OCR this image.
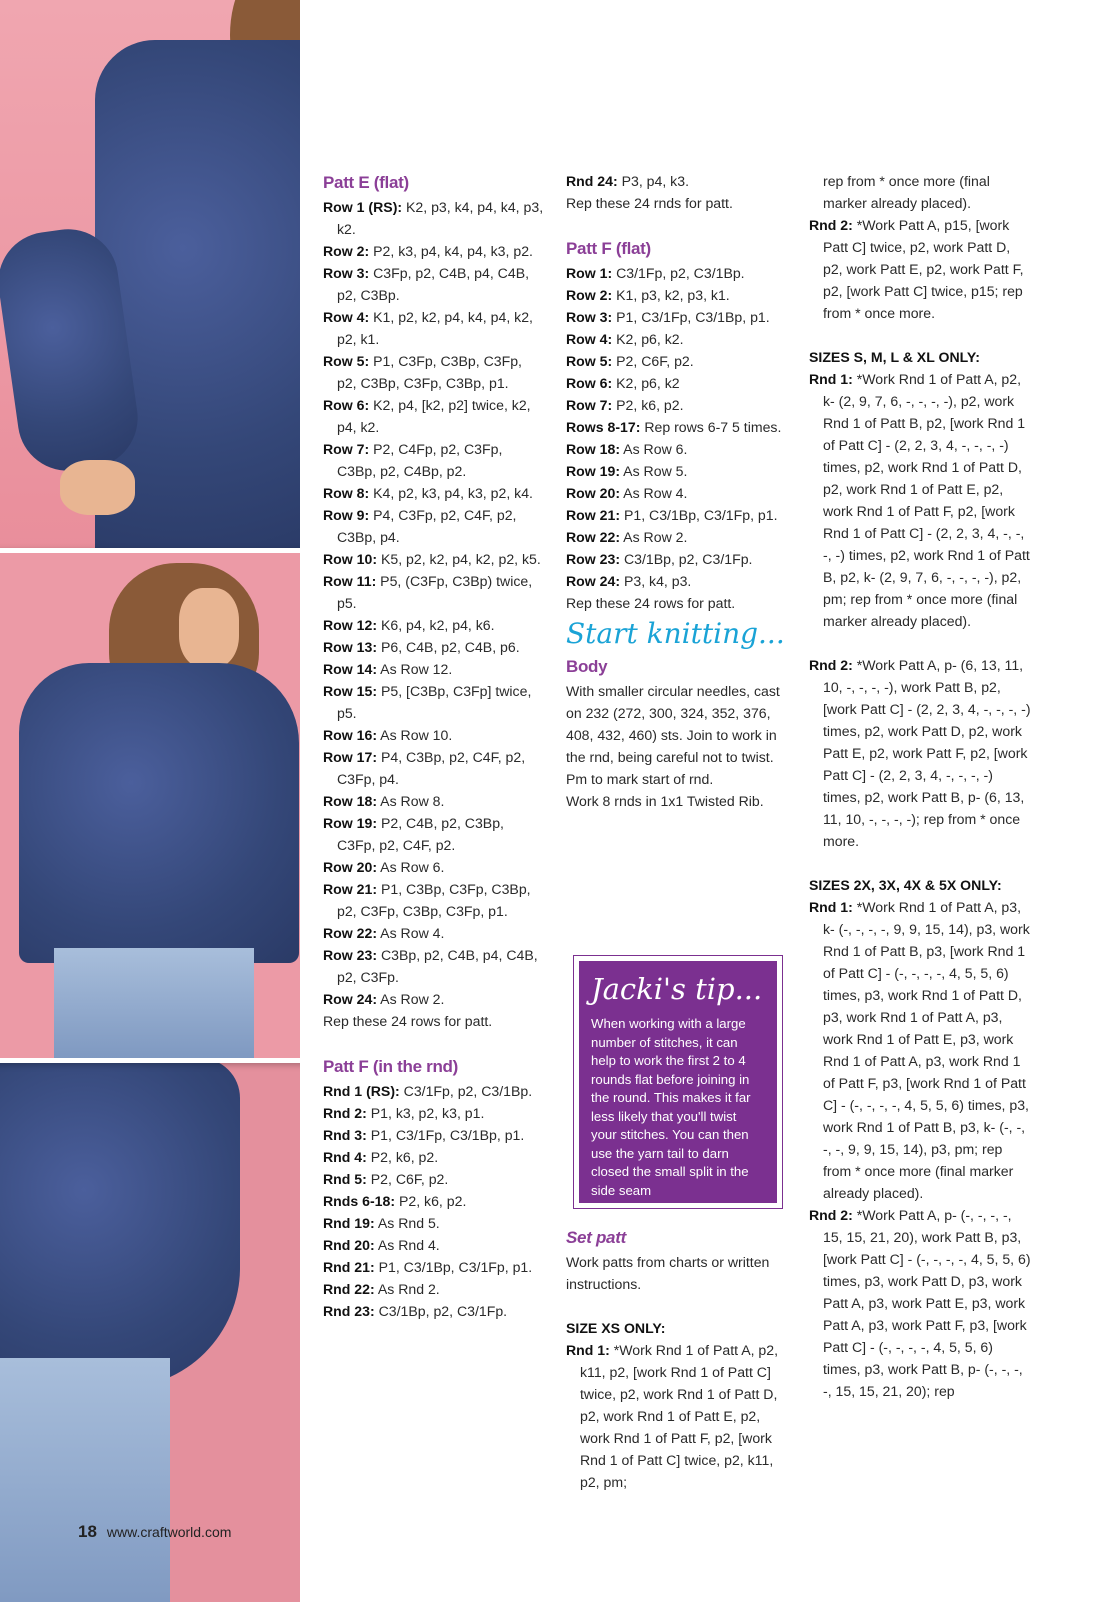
18 www.craftworld.com

Patt E (flat)

Row 1 (RS): K2, p3, k4, p4, k4, p3, k2.

Row 2: P2, k3, p4, k4, p4, k3, p2.

Row 3: C3Fp, p2, C4B, p4, C4B, p2, C3Bp.

Row 4: K1, p2, k2, p4, k4, p4, k2, p2, k1.

Row 5: P1, C3Fp, C3Bp, C3Fp, p2, C3Bp, C3Fp, C3Bp, p1.

Row 6: K2, p4, [k2, p2] twice, k2, p4, k2.

Row 7: P2, C4Fp, p2, C3Fp, C3Bp, p2, C4Bp, p2.

Row 8: K4, p2, k3, p4, k3, p2, k4.

Row 9: P4, C3Fp, p2, C4F, p2, C3Bp, p4.

Row 10: K5, p2, k2, p4, k2, p2, k5.

Row 11: P5, (C3Fp, C3Bp) twice, p5.

Row 12: K6, p4, k2, p4, k6.

Row 13: P6, C4B, p2, C4B, p6.

Row 14: As Row 12.

Row 15: P5, [C3Bp, C3Fp] twice, p5.

Row 16: As Row 10.

Row 17: P4, C3Bp, p2, C4F, p2, C3Fp, p4.

Row 18: As Row 8.

Row 19: P2, C4B, p2, C3Bp, C3Fp, p2, C4F, p2.

Row 20: As Row 6.

Row 21: P1, C3Bp, C3Fp, C3Bp, p2, C3Fp, C3Bp, C3Fp, p1.

Row 22: As Row 4.

Row 23: C3Bp, p2, C4B, p4, C4B, p2, C3Fp.

Row 24: As Row 2.

Rep these 24 rows for patt.

Patt F (in the rnd)

Rnd 1 (RS): C3/1Fp, p2, C3/1Bp.

Rnd 2: P1, k3, p2, k3, p1.

Rnd 3: P1, C3/1Fp, C3/1Bp, p1.

Rnd 4: P2, k6, p2.

Rnd 5: P2, C6F, p2.

Rnds 6-18: P2, k6, p2.

Rnd 19: As Rnd 5.

Rnd 20: As Rnd 4.

Rnd 21: P1, C3/1Bp, C3/1Fp, p1.

Rnd 22: As Rnd 2.

Rnd 23: C3/1Bp, p2, C3/1Fp.

Rnd 24: P3, p4, k3.

Rep these 24 rnds for patt.

Patt F (flat)

Row 1: C3/1Fp, p2, C3/1Bp.

Row 2: K1, p3, k2, p3, k1.

Row 3: P1, C3/1Fp, C3/1Bp, p1.

Row 4: K2, p6, k2.

Row 5: P2, C6F, p2.

Row 6: K2, p6, k2

Row 7: P2, k6, p2.

Rows 8-17: Rep rows 6-7 5 times.

Row 18: As Row 6.

Row 19: As Row 5.

Row 20: As Row 4.

Row 21: P1, C3/1Bp, C3/1Fp, p1.

Row 22: As Row 2.

Row 23: C3/1Bp, p2, C3/1Fp.

Row 24: P3, k4, p3.

Rep these 24 rows for patt.

Start knitting...

Body

With smaller circular needles, cast on 232 (272, 300, 324, 352, 376, 408, 432, 460) sts. Join to work in the rnd, being careful not to twist. Pm to mark start of rnd.

Work 8 rnds in 1x1 Twisted Rib.

Jacki's tip...
When working with a large number of stitches, it can help to work the first 2 to 4 rounds flat before joining in the round. This makes it far less likely that you'll twist your stitches. You can then use the yarn tail to darn closed the small split in the side seam

Set patt

Work patts from charts or written instructions.

SIZE XS ONLY:

Rnd 1: *Work Rnd 1 of Patt A, p2, k11, p2, [work Rnd 1 of Patt C] twice, p2, work Rnd 1 of Patt D, p2, work Rnd 1 of Patt E, p2, work Rnd 1 of Patt F, p2, [work Rnd 1 of Patt C] twice, p2, k11, p2, pm;

rep from * once more (final marker already placed).

Rnd 2: *Work Patt A, p15, [work Patt C] twice, p2, work Patt D, p2, work Patt E, p2, work Patt F, p2, [work Patt C] twice, p15; rep from * once more.

SIZES S, M, L & XL ONLY:

Rnd 1: *Work Rnd 1 of Patt A, p2, k- (2, 9, 7, 6, -, -, -, -), p2, work Rnd 1 of Patt B, p2, [work Rnd 1 of Patt C] - (2, 2, 3, 4, -, -, -, -) times, p2, work Rnd 1 of Patt D, p2, work Rnd 1 of Patt E, p2, work Rnd 1 of Patt F, p2, [work Rnd 1 of Patt C] - (2, 2, 3, 4, -, -, -, -) times, p2, work Rnd 1 of Patt B, p2, k- (2, 9, 7, 6, -, -, -, -), p2, pm; rep from * once more (final marker already placed).

Rnd 2: *Work Patt A, p- (6, 13, 11, 10, -, -, -, -), work Patt B, p2, [work Patt C] - (2, 2, 3, 4, -, -, -, -) times, p2, work Patt D, p2, work Patt E, p2, work Patt F, p2, [work Patt C] - (2, 2, 3, 4, -, -, -, -) times, p2, work Patt B, p- (6, 13, 11, 10, -, -, -, -); rep from * once more.

SIZES 2X, 3X, 4X & 5X ONLY:

Rnd 1: *Work Rnd 1 of Patt A, p3, k- (-, -, -, -, 9, 9, 15, 14), p3, work Rnd 1 of Patt B, p3, [work Rnd 1 of Patt C] - (-, -, -, -, 4, 5, 5, 6) times, p3, work Rnd 1 of Patt D, p3, work Rnd 1 of Patt A, p3, work Rnd 1 of Patt E, p3, work Rnd 1 of Patt A, p3, work Rnd 1 of Patt F, p3, [work Rnd 1 of Patt C] - (-, -, -, -, 4, 5, 5, 6) times, p3, work Rnd 1 of Patt B, p3, k- (-, -, -, -, 9, 9, 15, 14), p3, pm; rep from * once more (final marker already placed).

Rnd 2: *Work Patt A, p- (-, -, -, -, 15, 15, 21, 20), work Patt B, p3, [work Patt C] - (-, -, -, -, 4, 5, 5, 6) times, p3, work Patt D, p3, work Patt A, p3, work Patt E, p3, work Patt A, p3, work Patt F, p3, [work Patt C] - (-, -, -, -, 4, 5, 5, 6) times, p3, work Patt B, p- (-, -, -, -, 15, 15, 21, 20); rep
